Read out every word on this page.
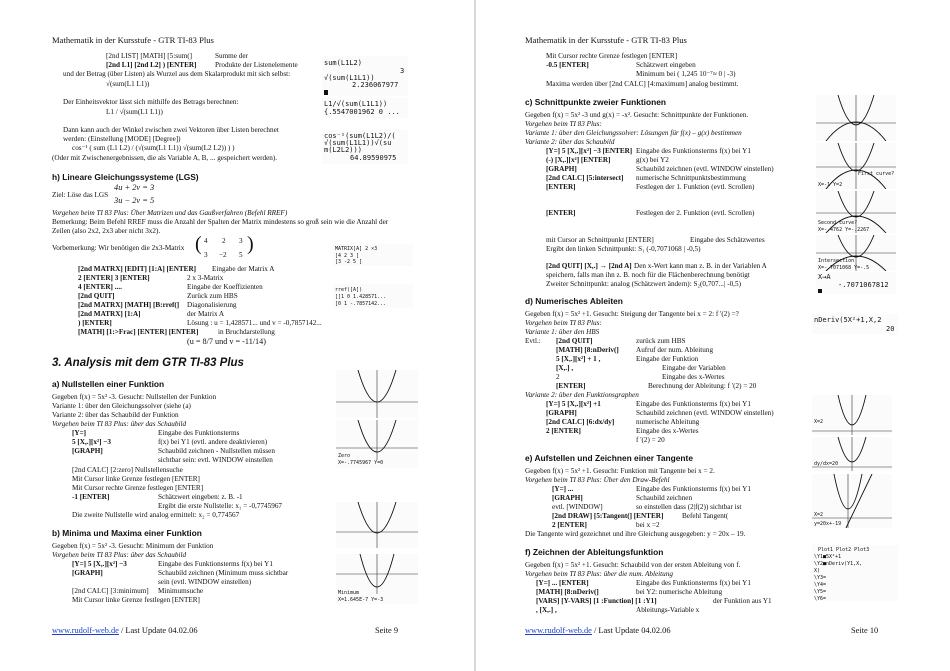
Mathematik in der Kursstufe - GTR TI-83 Plus
[2nd LIST] [MATH] [5:sum(]	Summe der
[2nd L1] [2nd L2] ) [ENTER]	Produkte der Listenelemente
und der Betrag (über Listen) als Wurzel aus dem Skalarprodukt mit sich selbst:
√(sum(L1 L1))
Der Einheitsvektor lässt sich mithilfe des Betrags berechnen:
L1 / √(sum(L1 L1))
Dann kann auch der Winkel zwischen zwei Vektoren über Listen berechnet
werden: (Einstellung [MODE] [Degree])
cos⁻¹ ( sum (L1 L2) / (√(sum(L1 L1)) √(sum(L2 L2)) ) )
(Oder mit Zwischenergebnissen, die als Variable A, B, ... gespeichert werden).
sum(L1L2)
3
√(sum(L1L1))
2.236067977
L1/√(sum(L1L1))
{.5547001962 0 ...
cos⁻¹(sum(L1L2)/(
√(sum(L1L1))√(su
m(L2L2)))
64.89590975
h) Lineare Gleichungssysteme (LGS)
Ziel: Löse das LGS
4u + 2v = 3
3u − 2v = 5
Vorgehen beim TI 83 Plus: Über Matrizen und das Gaußverfahren (Befehl RREF)
Bemerkung: Beim Befehl RREF muss die Anzahl der Spalten der Matrix mindestens so groß sein wie die Anzahl der
Zeilen (also 2x2, 2x3 aber nicht 3x2).
Vorbemerkung: Wir benötigen die 2x3-Matrix ( )
4 2 3
3 −2 5
[2nd MATRX] [EDIT] [1:A] [ENTER] Eingabe der Matrix A
2 [ENTER] 3 [ENTER]	2 x 3-Matrix
4 [ENTER] ....	Eingabe der Koeffizienten
[2nd QUIT]	Zurück zum HBS
[2nd MATRX] [MATH] [B:rref(] Diagonalisierung
[2nd MATRX] [1:A]	der Matrix A
) [ENTER]	Lösung : u = 1,428571... und v = -0,7857142...
[MATH] [1:>Frac] [ENTER] [ENTER]	in Bruchdarstellung
(u = 8/7 und v = -11/14)
MATRIX[A] 2 ×3
[4 2 3 ]
[3 -2 5 ]
rref([A])
[[1 0 1.428571...
[0 1 -.7857142...
3. Analysis mit dem GTR TI-83 Plus
a) Nullstellen einer Funktion
Gegeben f(x) = 5x² -3. Gesucht: Nullstellen der Funktion
Variante 1: über den Gleichungssolver (siehe (a)
Variante 2: über das Schaubild der Funktion
Vorgehen beim TI 83 Plus: über das Schaubild
[Y=]	Eingabe des Funktionsterms
5 [X,.][x²] −3	f(x) bei Y1 (evtl. andere deaktivieren)
[GRAPH]	Schaubild zeichnen - Nullstellen müssen
sichtbar sein: evtl. WINDOW einstellen
[2nd CALC] [2:zero] Nullstellensuche
Mit Cursor linke Grenze festlegen [ENTER]
Mit Cursor rechte Grenze festlegen [ENTER]
-1 [ENTER]	Schätzwert eingeben: z. B. -1
Ergibt die erste Nullstelle: x₁ = -0,7745967
Die zweite Nullstelle wird analog ermittelt: x₂ = 0,774567
b) Minima und Maxima einer Funktion
Gegeben f(x) = 5x² -3. Gesucht: Minimum der Funktion
Vorgehen beim TI 83 Plus: über das Schaubild
[Y=] 5 [X,.][x²] −3	Eingabe des Funktionsterms f(x) bei Y1
[GRAPH]	Schaubild zeichnen (Minimum muss sichtbar
sein (evtl. WINDOW einstellen)
[2nd CALC] [3:minimum] Minimumsuche
Mit Cursor linke Grenze festlegen [ENTER]
Zero
X=-.7745967 Y=0
Minimum
X=1.645E-7 Y=-3
www.rudolf-web.de / Last Update 04.02.06	Seite 9
Mathematik in der Kursstufe - GTR TI-83 Plus
Mit Cursor rechte Grenze festlegen [ENTER]
-0.5 [ENTER]	Schätzwert eingeben
Minimum bei ( 1,245 10⁻⁷≈ 0 | -3)
Maxima werden über [2nd CALC] [4:maximum] analog bestimmt.
c) Schnittpunkte zweier Funktionen
Gegeben f(x) = 5x² -3 und g(x) = -x². Gesucht: Schnittpunkte der Funktionen.
Vorgehen beim TI 83 Plus:
Variante 1: über den Gleichungssolver: Lösungen für f(x) – g(x) bestimmen
Variante 2: über das Schaubild
[Y=] 5 [X,.][x²] −3 [ENTER] Eingabe des Funktionsterms f(x) bei Y1
(-) [X,.][x²] [ENTER]	g(x) bei Y2
[GRAPH]	Schaubild zeichnen (evtl. WINDOW einstellen)
[2nd CALC] [5:intersect] numerische Schnittpunktsbestimmung
[ENTER]	Festlegen der 1. Funktion (evtl. Scrollen)
[ENTER]	Festlegen der 2. Funktion (evtl. Scrollen)
mit Cursor an Schnittpunkt [ENTER]	Eingabe des Schätzwertes
Ergibt den linken Schnittpunkt: S₁ (-0,7071068 | -0,5)
[2nd QUIT] [X,.] → [2nd A] Den x-Wert kann man z. B. in der Variablen A
speichern, falls man ihn z. B. noch für die Flächenberechnung benötigt
Zweiter Schnittpunkt: analog (Schätzwert ändern): S₂(0,707...| -0,5)
d) Numerisches Ableiten
Gegeben f(x) = 5x² +1. Gesucht: Steigung der Tangente bei x = 2: f '(2) =?
Vorgehen beim TI 83 Plus:
Variante 1: über den HBS
Evtl.: [2nd QUIT]	zurück zum HBS
[MATH] [8:nDeriv(] Aufruf der num. Ableitung
5 [X,.][x²] + 1 ,	Eingabe der Funktion
[X,.] ,	Eingabe der Variablen
2	Eingabe des x-Wertes
[ENTER]	Berechnung der Ableitung: f '(2) = 20
Variante 2: über den Funktionsgraphen
[Y=] 5 [X,.][x²] +1	Eingabe des Funktionsterms f(x) bei Y1
[GRAPH]	Schaubild zeichnen (evtl. WINDOW einstellen)
[2nd CALC] [6:dx/dy]	numerische Ableitung
2 [ENTER]	Eingabe des x-Wertes
f '(2) = 20
e) Aufstellen und Zeichnen einer Tangente
Gegeben f(x) = 5x² +1. Gesucht: Funktion mit Tangente bei x = 2.
Vorgehen beim TI 83 Plus: Über den Draw-Befehl
[Y=] ...	Eingabe des Funktionsterms f(x) bei Y1
[GRAPH]	Schaubild zeichnen
evtl. [WINDOW]	so einstellen dass (2|f(2)) sichtbar ist
[2nd DRAW] [5:Tangent(] [ENTER]	Befehl Tangent(
2 [ENTER]	bei x =2
Die Tangente wird gezeichnet und ihre Gleichung ausgegeben: y = 20x – 19.
f) Zeichnen der Ableitungsfunktion
Gegeben f(x) = 5x² +1. Gesucht: Schaubild von der ersten Ableitung von f.
Vorgehen beim TI 83 Plus: über die num. Ableitung
[Y=] ... [ENTER]	Eingabe des Funktionsterms f(x) bei Y1
[MATH] [8:nDeriv(]	bei Y2: numerische Ableitung
[VARS] [Y-VARS] [1 :Function] [1 :Y1]	der Funktion aus Y1
, [X,.] ,	Ableitungs-Variable x
First curve?
X=-1 Y=2
Second curve?
X=-.4762 Y=-.2267
Intersection
X=-.7071068 Y=-.5
X→A
-.7071067812
nDeriv(5X²+1,X,2
20
X=2
dy/dx=20
X=2
y=20x+-19
Plot1 Plot2 Plot3
\Y1■5X²+1
\Y2■nDeriv(Y1,X,
X)
\Y3=
\Y4=
\Y5=
\Y6=
www.rudolf-web.de / Last Update 04.02.06	Seite 10
